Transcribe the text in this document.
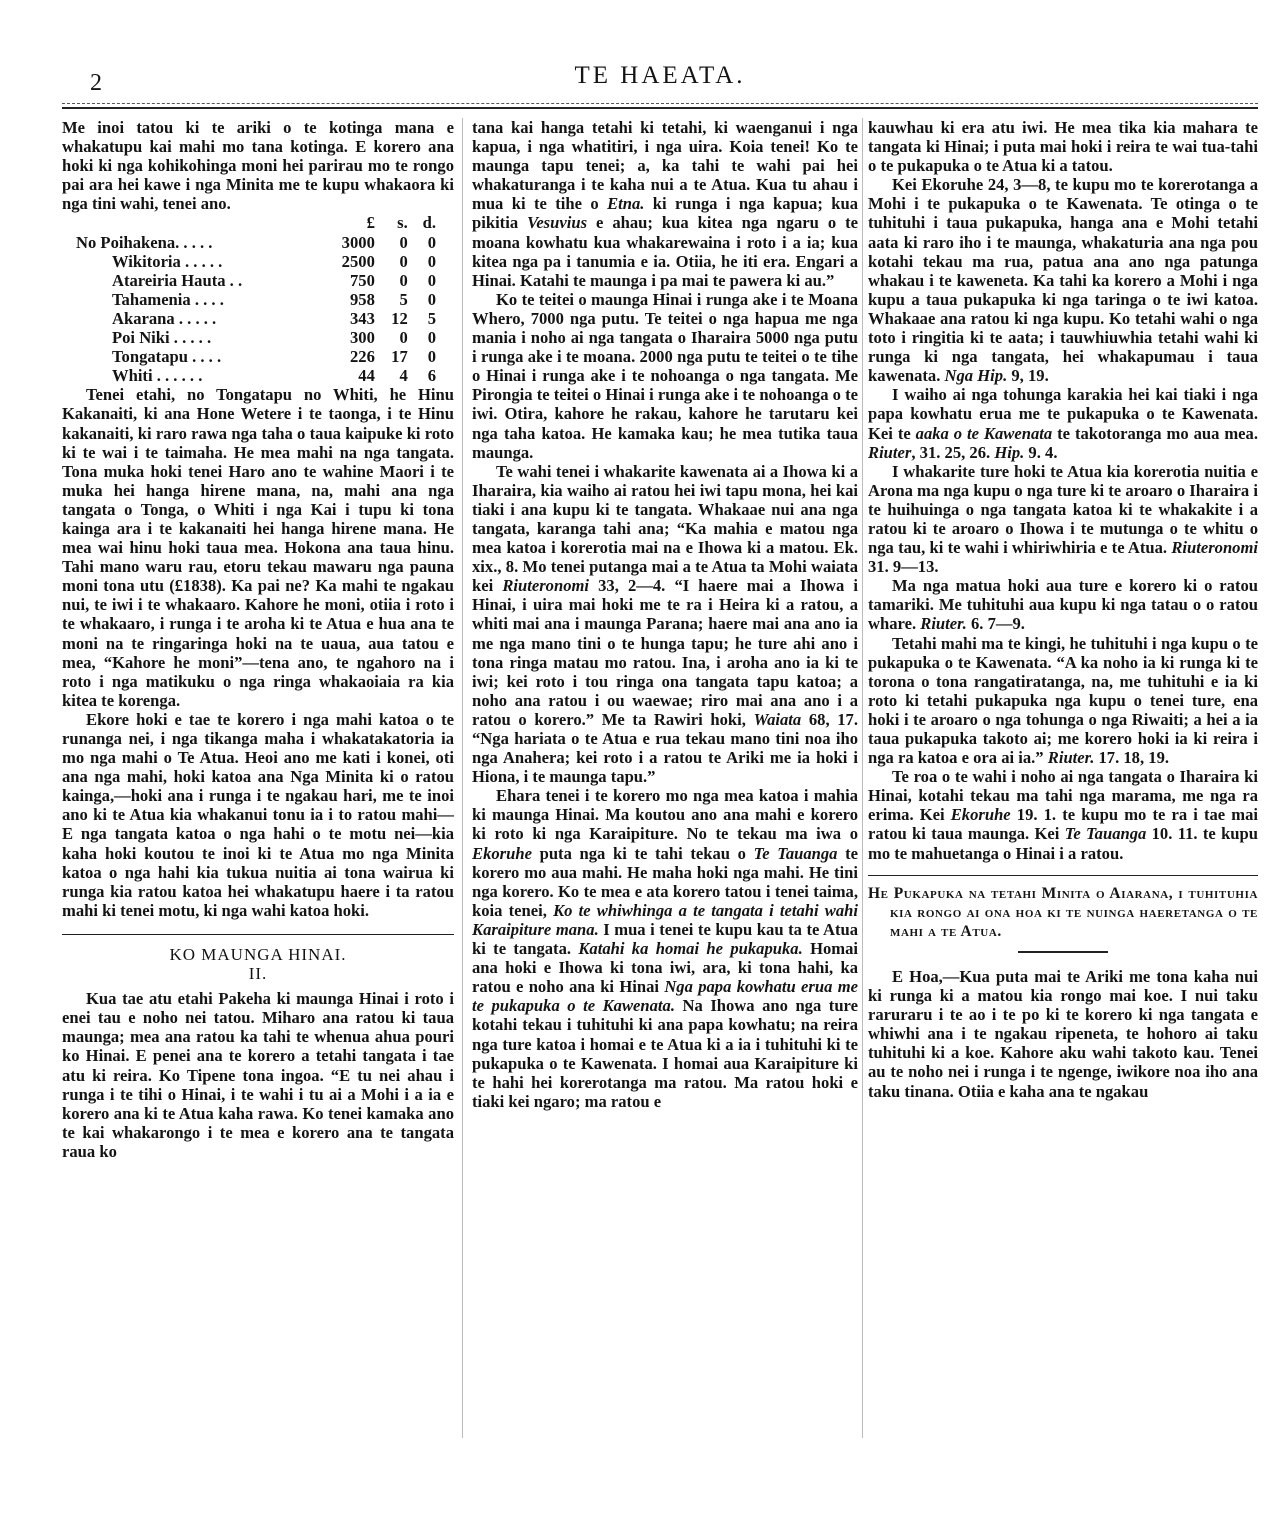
2	TE HAEATA.

Me inoi tatou ki te ariki o te kotinga mana e whakatupu kai mahi mo tana kotinga. E korero ana hoki ki nga kohikohinga moni hei parirau mo te rongo pai ara hei kawe i nga Minita me te kupu whakaora ki nga tini wahi, tenei ano.

	£	s.	d.
No Poihakena. . . . .	3000	0	0
Wikitoria . . . . .	2500	0	0
Atareiria Hauta . .	750	0	0
Tahamenia . . . .	958	5	0
Akarana . . . . .	343	12	5
Poi Niki . . . . .	300	0	0
Tongatapu . . . .	226	17	0
Whiti . . . . . .	44	4	6

Tenei etahi, no Tongatapu no Whiti, he Hinu Kakanaiti, ki ana Hone Wetere i te taonga, i te Hinu kakanaiti, ki raro rawa nga taha o taua kaipuke ki roto ki te wai i te taimaha. He mea mahi na nga tangata. Tona muka hoki tenei Haro ano te wahine Maori i te muka hei hanga hirene mana, na, mahi ana nga tangata o Tonga, o Whiti i nga Kai i tupu ki tona kainga ara i te kakanaiti hei hanga hirene mana. He mea wai hinu hoki taua mea. Hokona ana taua hinu. Tahi mano waru rau, etoru tekau mawaru nga pauna moni tona utu (£1838). Ka pai ne? Ka mahi te ngakau nui, te iwi i te whakaaro. Kahore he moni, otiia i roto i te whakaaro, i runga i te aroha ki te Atua e hua ana te moni na te ringaringa hoki na te uaua, aua tatou e mea, “Kahore he moni”—tena ano, te ngahoro na i roto i nga matikuku o nga ringa whakaoiaia ra kia kitea te korenga.

Ekore hoki e tae te korero i nga mahi katoa o te runanga nei, i nga tikanga maha i whakatakatoria ia mo nga mahi o Te Atua. Heoi ano me kati i konei, oti ana nga mahi, hoki katoa ana Nga Minita ki o ratou kainga,—hoki ana i runga i te ngakau hari, me te inoi ano ki te Atua kia whakanui tonu ia i to ratou mahi— E nga tangata katoa o nga hahi o te motu nei—kia kaha hoki koutou te inoi ki te Atua mo nga Minita katoa o nga hahi kia tukua nuitia ai tona wairua ki runga kia ratou katoa hei whakatupu haere i ta ratou mahi ki tenei motu, ki nga wahi katoa hoki.

KO MAUNGA HINAI.
II.

Kua tae atu etahi Pakeha ki maunga Hinai i roto i enei tau e noho nei tatou. Miharo ana ratou ki taua maunga; mea ana ratou ka tahi te whenua ahua pouri ko Hinai. E penei ana te korero a tetahi tangata i tae atu ki reira. Ko Tipene tona ingoa. “E tu nei ahau i runga i te tihi o Hinai, i te wahi i tu ai a Mohi i a ia e korero ana ki te Atua kaha rawa. Ko tenei kamaka ano te kai whakarongo i te mea e korero ana te tangata raua ko

tana kai hanga tetahi ki tetahi, ki waenganui i nga kapua, i nga whatitiri, i nga uira. Koia tenei! Ko te maunga tapu tenei; a, ka tahi te wahi pai hei whakaturanga i te kaha nui a te Atua. Kua tu ahau i mua ki te tihe o Etna. ki runga i nga kapua; kua pikitia Vesuvius e ahau; kua kitea nga ngaru o te moana kowhatu kua whakarewaina i roto i a ia; kua kitea nga pa i tanumia e ia. Otiia, he iti era. Engari a Hinai. Katahi te maunga i pa mai te pawera ki au.”

Ko te teitei o maunga Hinai i runga ake i te Moana Whero, 7000 nga putu. Te teitei o nga hapua me nga mania i noho ai nga tangata o Iharaira 5000 nga putu i runga ake i te moana. 2000 nga putu te teitei o te tihe o Hinai i runga ake i te nohoanga o nga tangata. Me Pirongia te teitei o Hinai i runga ake i te nohoanga o te iwi. Otira, kahore he rakau, kahore he tarutaru kei nga taha katoa. He kamaka kau; he mea tutika taua maunga.

Te wahi tenei i whakarite kawenata ai a Ihowa ki a Iharaira, kia waiho ai ratou hei iwi tapu mona, hei kai tiaki i ana kupu ki te tangata. Whakaae nui ana nga tangata, karanga tahi ana; “Ka mahia e matou nga mea katoa i korerotia mai na e Ihowa ki a matou. Ek. xix., 8. Mo tenei putanga mai a te Atua ta Mohi waiata kei Riuteronomi 33, 2—4. “I haere mai a Ihowa i Hinai, i uira mai hoki me te ra i Heira ki a ratou, a whiti mai ana i maunga Parana; haere mai ana ano ia me nga mano tini o te hunga tapu; he ture ahi ano i tona ringa matau mo ratou. Ina, i aroha ano ia ki te iwi; kei roto i tou ringa ona tangata tapu katoa; a noho ana ratou i ou waewae; riro mai ana ano i a ratou o korero.” Me ta Rawiri hoki, Waiata 68, 17. “Nga hariata o te Atua e rua tekau mano tini noa iho nga Anahera; kei roto i a ratou te Ariki me ia hoki i Hiona, i te maunga tapu.”

Ehara tenei i te korero mo nga mea katoa i mahia ki maunga Hinai. Ma koutou ano ana mahi e korero ki roto ki nga Karaipiture. No te tekau ma iwa o Ekoruhe puta nga ki te tahi tekau o Te Tauanga te korero mo aua mahi. He maha hoki nga mahi. He tini nga korero. Ko te mea e ata korero tatou i tenei taima, koia tenei, Ko te whiwhinga a te tangata i tetahi wahi Karaipiture mana. I mua i tenei te kupu kau ta te Atua ki te tangata. Katahi ka homai he pukapuka. Homai ana hoki e Ihowa ki tona iwi, ara, ki tona hahi, ka ratou e noho ana ki Hinai Nga papa kowhatu erua me te pukapuka o te Kawenata. Na Ihowa ano nga ture kotahi tekau i tuhituhi ki ana papa kowhatu; na reira nga ture katoa i homai e te Atua ki a ia i tuhituhi ki te pukapuka o te Kawenata. I homai aua Karaipiture ki te hahi hei korerotanga ma ratou. Ma ratou hoki e tiaki kei ngaro; ma ratou e

kauwhau ki era atu iwi. He mea tika kia mahara te tangata ki Hinai; i puta mai hoki i reira te wai tua-tahi o te pukapuka o te Atua ki a tatou.

Kei Ekoruhe 24, 3—8, te kupu mo te korerotanga a Mohi i te pukapuka o te Kawenata. Te otinga o te tuhituhi i taua pukapuka, hanga ana e Mohi tetahi aata ki raro iho i te maunga, whakaturia ana nga pou kotahi tekau ma rua, patua ana ano nga patunga whakau i te kaweneta. Ka tahi ka korero a Mohi i nga kupu a taua pukapuka ki nga taringa o te iwi katoa. Whakaae ana ratou ki nga kupu. Ko tetahi wahi o nga toto i ringitia ki te aata; i tauwhiuwhia tetahi wahi ki runga ki nga tangata, hei whakapumau i taua kawenata. Nga Hip. 9, 19.

I waiho ai nga tohunga karakia hei kai tiaki i nga papa kowhatu erua me te pukapuka o te Kawenata. Kei te aaka o te Kawenata te takotoranga mo aua mea. Riuter, 31. 25, 26. Hip. 9. 4.

I whakarite ture hoki te Atua kia korerotia nuitia e Arona ma nga kupu o nga ture ki te aroaro o Iharaira i te huihuinga o nga tangata katoa ki te whakakite i a ratou ki te aroaro o Ihowa i te mutunga o te whitu o nga tau, ki te wahi i whiriwhiria e te Atua. Riuteronomi 31. 9—13.

Ma nga matua hoki aua ture e korero ki o ratou tamariki. Me tuhituhi aua kupu ki nga tatau o o ratou whare. Riuter. 6. 7—9.

Tetahi mahi ma te kingi, he tuhituhi i nga kupu o te pukapuka o te Kawenata. “A ka noho ia ki runga ki te torona o tona rangatiratanga, na, me tuhituhi e ia ki roto ki tetahi pukapuka nga kupu o tenei ture, ena hoki i te aroaro o nga tohunga o nga Riwaiti; a hei a ia taua pukapuka takoto ai; me korero hoki ia ki reira i nga ra katoa e ora ai ia.” Riuter. 17. 18, 19.

Te roa o te wahi i noho ai nga tangata o Iharaira ki Hinai, kotahi tekau ma tahi nga marama, me nga ra erima. Kei Ekoruhe 19. 1. te kupu mo te ra i tae mai ratou ki taua maunga. Kei Te Tauanga 10. 11. te kupu mo te mahuetanga o Hinai i a ratou.

He Pukapuka na tetahi Minita o Aiarana, i tuhituhia kia rongo ai ona hoa ki te nuinga haeretanga o te mahi a te Atua.

E Hoa,—Kua puta mai te Ariki me tona kaha nui ki runga ki a matou kia rongo mai koe. I nui taku raruraru i te ao i te po ki te korero ki nga tangata e whiwhi ana i te ngakau ripeneta, te hohoro ai taku tuhituhi ki a koe. Kahore aku wahi takoto kau. Tenei au te noho nei i runga i te ngenge, iwikore noa iho ana taku tinana. Otiia e kaha ana te ngakau
